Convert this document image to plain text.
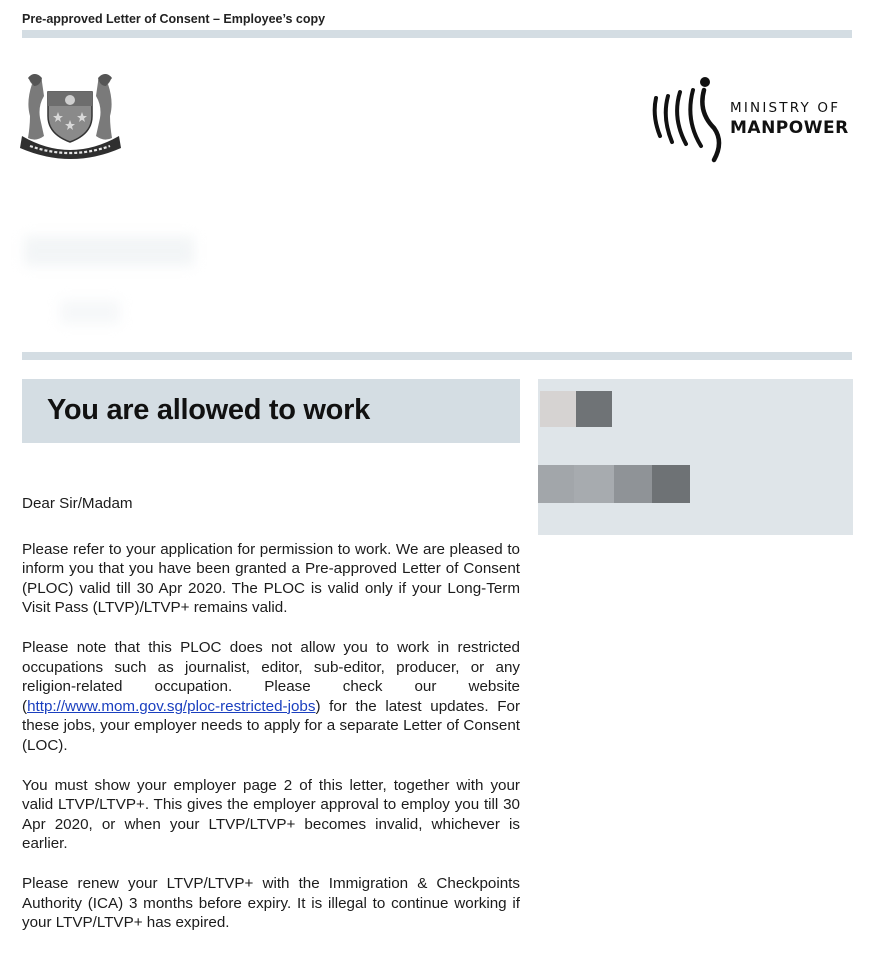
Pre-approved Letter of Consent – Employee’s copy
MINISTRY OF
MANPOWER
You are allowed to work

Dear Sir/Madam

Please refer to your application for permission to work. We are pleased to inform you that you have been granted a Pre-approved Letter of Consent (PLOC) valid till 30 Apr 2020. The PLOC is valid only if your Long-Term Visit Pass (LTVP)/LTVP+ remains valid.

Please note that this PLOC does not allow you to work in restricted occupations such as journalist, editor, sub-editor, producer, or any religion-related occupation. Please check our website (http://www.mom.gov.sg/ploc-restricted-jobs) for the latest updates. For these jobs, your employer needs to apply for a separate Letter of Consent (LOC).

You must show your employer page 2 of this letter, together with your valid LTVP/LTVP+. This gives the employer approval to employ you till 30 Apr 2020, or when your LTVP/LTVP+ becomes invalid, whichever is earlier.

Please renew your LTVP/LTVP+ with the Immigration & Checkpoints Authority (ICA) 3 months before expiry. It is illegal to continue working if your LTVP/LTVP+ has expired.
